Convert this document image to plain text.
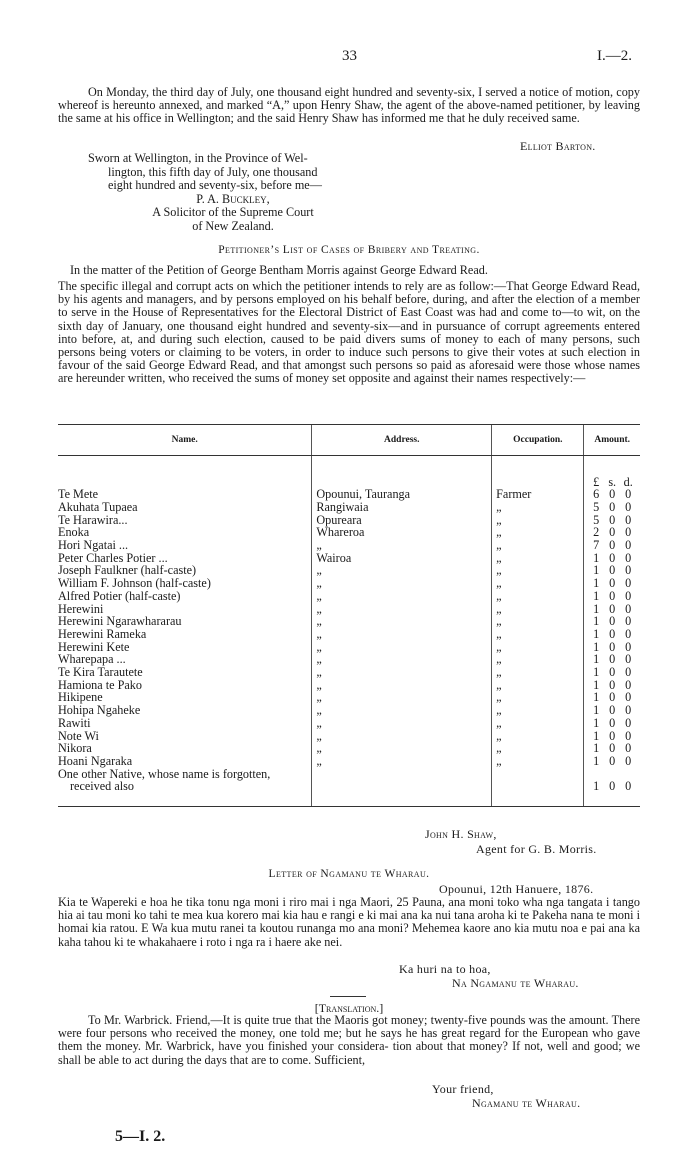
33	I.—2.
On Monday, the third day of July, one thousand eight hundred and seventy-six, I served a notice of motion, copy whereof is hereunto annexed, and marked “A,” upon Henry Shaw, the agent of the above-named petitioner, by leaving the same at his office in Wellington; and the said Henry Shaw has informed me that he duly received same.
Elliot Barton.
Sworn at Wellington, in the Province of Wel-
lington, this fifth day of July, one thousand
eight hundred and seventy-six, before me—
P. A. Buckley,
A Solicitor of the Supreme Court
of New Zealand.
Petitioner’s List of Cases of Bribery and Treating.
In the matter of the Petition of George Bentham Morris against George Edward Read.
The specific illegal and corrupt acts on which the petitioner intends to rely are as follow:—That George Edward Read, by his agents and managers, and by persons employed on his behalf before, during, and after the election of a member to serve in the House of Representatives for the Electoral District of East Coast was had and come to—to wit, on the sixth day of January, one thousand eight hundred and seventy-six—and in pursuance of corrupt agreements entered into before, at, and during such election, caused to be paid divers sums of money to each of many persons, such persons being voters or claiming to be voters, in order to induce such persons to give their votes at such election in favour of the said George Edward Read, and that amongst such persons so paid as aforesaid were those whose names are hereunder written, who received the sums of money set opposite and against their names respectively:—
Name.	Address.	Occupation.	Amount.

			£ s. d.
Te Mete	Opounui, Tauranga	Farmer	6 0 0
Akuhata Tupaea	Rangiwaia	„	5 0 0
Te Harawira...	Opureara	„	5 0 0
Enoka	Whareroa	„	2 0 0
Hori Ngatai ...	„	„	7 0 0
Peter Charles Potier ...	Wairoa	„	1 0 0
Joseph Faulkner (half-caste)	„	„	1 0 0
William F. Johnson (half-caste)	„	„	1 0 0
Alfred Potier (half-caste)	„	„	1 0 0
Herewini	„	„	1 0 0
Herewini Ngarawhararau	„	„	1 0 0
Herewini Rameka	„	„	1 0 0
Herewini Kete	„	„	1 0 0
Wharepapa ...	„	„	1 0 0
Te Kira Tarautete	„	„	1 0 0
Hamiona te Pako	„	„	1 0 0
Hikipene	„	„	1 0 0
Hohipa Ngaheke	„	„	1 0 0
Rawiti	„	„	1 0 0
Note Wi	„	„	1 0 0
Nikora	„	„	1 0 0
Hoani Ngaraka	„	„	1 0 0
One other Native, whose name is forgotten,			
received also			1 0 0

John H. Shaw,
Agent for G. B. Morris.
Letter of Ngamanu te Wharau.
Opounui, 12th Hanuere, 1876.
Kia te Wapereki e hoa he tika tonu nga moni i riro mai i nga Maori, 25 Pauna, ana moni toko wha nga tangata i tango hia ai tau moni ko tahi te mea kua korero mai kia hau e rangi e ki mai ana ka nui tana aroha ki te Pakeha nana te moni i homai kia ratou. E Wa kua mutu ranei ta koutou runanga mo ana moni? Mehemea kaore ano kia mutu noa e pai ana ka kaha tahou ki te whakahaere i roto i nga ra i haere ake nei.
Ka huri na to hoa,
Na Ngamanu te Wharau.
[Translation.]
To Mr. Warbrick. Friend,—It is quite true that the Maoris got money; twenty-five pounds was the amount. There were four persons who received the money, one told me; but he says he has great regard for the European who gave them the money. Mr. Warbrick, have you finished your considera- tion about that money? If not, well and good; we shall be able to act during the days that are to come. Sufficient,
Your friend,
Ngamanu te Wharau.
5—I. 2.
